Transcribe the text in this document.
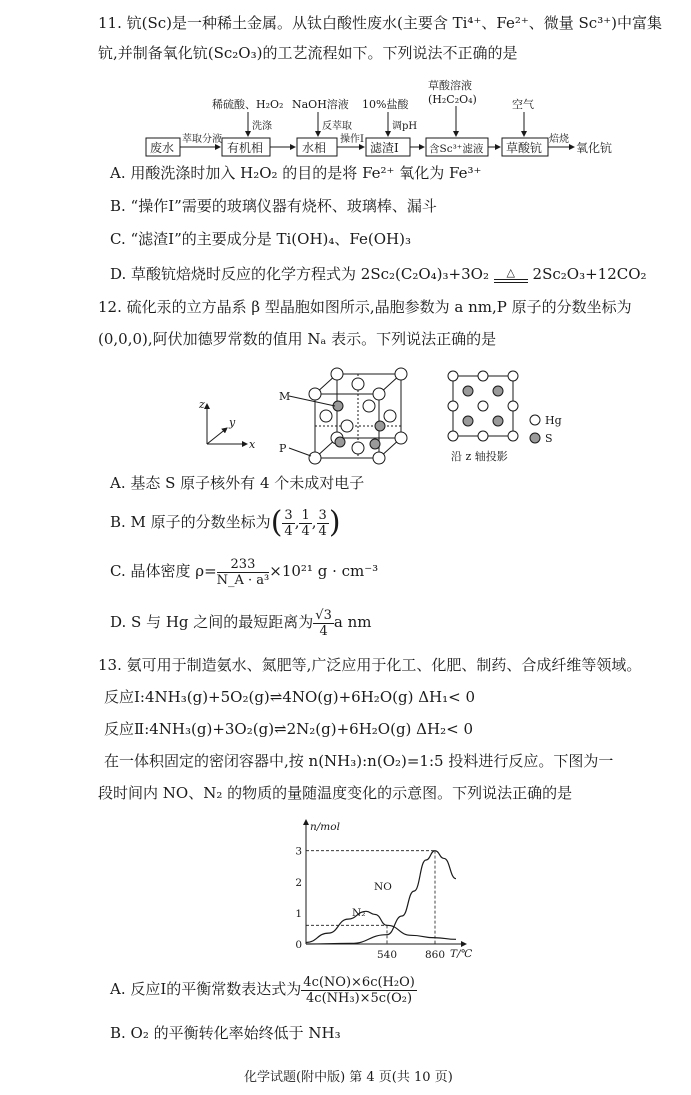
11. 钪(Sc)是一种稀土金属。从钛白酸性废水(主要含 Ti⁴⁺、Fe²⁺、微量 Sc³⁺)中富集
钪,并制备氧化钪(Sc₂O₃)的工艺流程如下。下列说法不正确的是
稀硫酸、H₂O₂ NaOH溶液 10%盐酸
草酸溶液
(H₂C₂O₄)	空气
废水	有机相	水相	滤渣Ⅰ	含Sc³⁺滤液 草酸钪	氧化钪
萃取分液
洗涤	反萃取
操作Ⅰ
调pH
焙烧
A. 用酸洗涤时加入 H₂O₂ 的目的是将 Fe²⁺ 氧化为 Fe³⁺
B. “操作Ⅰ”需要的玻璃仪器有烧杯、玻璃棒、漏斗
C. “滤渣Ⅰ”的主要成分是 Ti(OH)₄、Fe(OH)₃
D. 草酸钪焙烧时反应的化学方程式为 2Sc₂(C₂O₄)₃+3O₂	△	2Sc₂O₃+12CO₂
12. 硫化汞的立方晶系 β 型晶胞如图所示,晶胞参数为 a nm,P 原子的分数坐标为
(0,0,0),阿伏加德罗常数的值用 Nₐ 表示。下列说法正确的是
z
y
x
M
P
沿 z 轴投影
Hg
S
A. 基态 S 原子核外有 4 个未成对电子
B. M 原子的分数坐标为( $\frac{3}{4}$ , $\frac{1}{4}$ , $\frac{3}{4}$ )
C. 晶体密度 $\rho= \frac{233}{\text{N\_A · a³}} \times 10^{21}$ g · cm⁻³
D. S 与 Hg 之间的最短距离为 $\frac{√3}{4}$ a nm
13. 氨可用于制造氨水、氮肥等,广泛应用于化工、化肥、制药、合成纤维等领域。
反应Ⅰ:4NH₃(g)+5O₂(g)⇌4NO(g)+6H₂O(g) ΔH₁< 0
反应Ⅱ:4NH₃(g)+3O₂(g)⇌2N₂(g)+6H₂O(g) ΔH₂< 0
在一体积固定的密闭容器中,按 n(NH₃):n(O₂)=1:5 投料进行反应。下图为一
段时间内 NO、N₂ 的物质的量随温度变化的示意图。下列说法正确的是
0
1
2
3
540	860
n/mol
T/℃
N₂
NO
A. 反应Ⅰ的平衡常数表达式为 $\frac{\text{4c(NO)×6c(H₂O)}}{\text{4c(NH₃)×5c(O₂)}}$
B. O₂ 的平衡转化率始终低于 NH₃
化学试题(附中版) 第 4 页(共 10 页)
